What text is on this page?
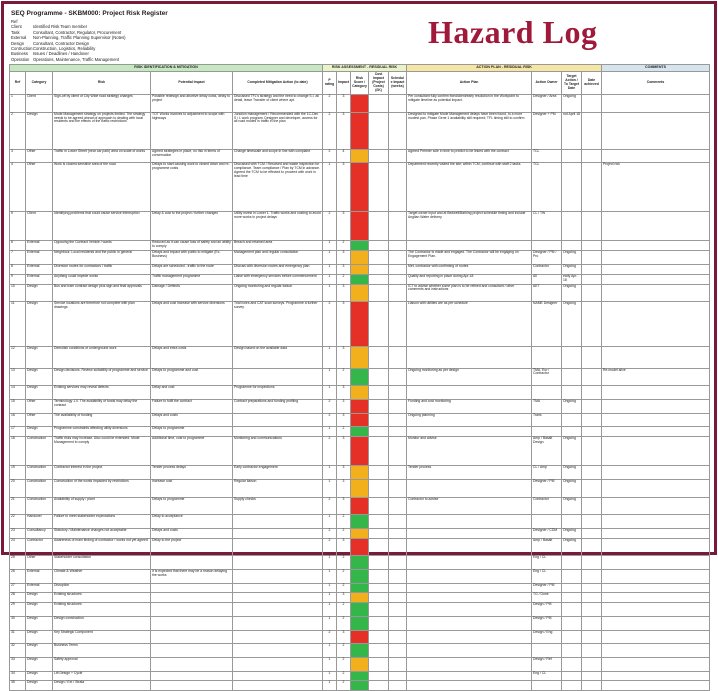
SEQ Programme - SKBM000: Project Risk Register
Ref
Client	Identified Risk Team member
Task	Consultant, Contractor, Regulator, Procurement
External	Non-Planning, Traffic Planning Supervisor (Notes)
Design	Consultant, Contractor Design
Contruction Construction, Logistics, Reliability
Business	Issues / Deadlines / Handover
Operation Operations, Maintenance, Traffic Management
Hazard Log
RISK IDENTIFICATION & MITIGATION					RISK ASSESSMENT - RESIDUAL RISK					ACTION PLAN - RESIDUAL RISK				COMMENTS
Ref	Category	Risk	Potential Impact	Completed Mitigation Action (to date)	P rating	Impact	Risk Score / Category	Cost Impact (Project Costs) (£K)	Schedule Impact (weeks)	Action Plan	Action Owner	Target Action / To Target Date	Date achieved	Comments
1	Client	Sign-off by client of City Wide road strategy changes	Possible redesign and abortive delay costs, delay to project	Discussed TFL's strategy and the need to change S.I. all detail, leave Transfer of client where apt.	2	3				Per consultant fully confirm fixed/client/early resolution in the Workpoint to mitigate timeline as potential impact.	Designer / Area	Ongoing		
2	Design	Mode Management strategy on projects limited. The strategy needs to be agreed ahead of approach to dealing with local residents and the effects of the traffic restrictions	TOT Works involves to adjustment to scope with highways	Junction management / Recommended with the 1C-Dec S / L work program, Designer and developer, access for all road modes in traffic in the plan	2	3				Designed to mitigate Mode Management delays have been found, to a more modest pan. Phase Gene 1 availability still required; TFL timing still to confirm	Designer + PM	not April 18		
3	Other	Traffic in Lower Street (near car park) area on scale of works	Agreed strategies in place, no risk in terms of conversation	Change timescale and scope in line with complaint	2	4				Agreed Premier sole in time to predict to be linked with the contract	TCL			
4	Other	Work is closest sensitive area of the road	Delays to start causing work to closed down and re-programme costs	Discussed with TCM / Resolved and waste inspection for compliance. Team compliance / Plan by TCM in advance. Agreed the TCM to be effected to proceed with work in lead time	1	3				Department recently visited the site; within TCM, continue with staff 2 tasks	TCL			Project risk
5	Client	Identifying problems that could cause service interruption	Delay & cost to the project / further changes	Utility invest in Lower 1. Traffic works and costing to avoid more works in project delays	2	3				Target owner input and at Bedwell/Barking project schedule timing and include Anglian Water delivery	CL / TW			
6	External	Opposing the Contract Vehicle / wards	Reduced as it can cause loss of safety and an ability to comply	Breach and retained area	1	2								
7	External	Neighbour, Local residents and the public in general	Delays and impact with public to mitigate (Ex-Business)	Management plan and regular consultation	1	3				The Contractor is made and engaged. The Contractor will be engaging on Engagement Plan.	Designer / PM / Pro	Ongoing		
8	External	Diversion routes for contractors / traffic	Delays are scheduled - traffic to the route	Discuss with diversion routes and emergency plan	1	3				Met, contractor with confirming of routes	Contractor	Ongoing		
9	External	Anything could impede works	Traffic management programme	Liaise with emergency services before commencement	1	2				Quality and reporting in place during Apr-18	All	early Apr-18		
10	Design	Bus and tram contract design plus sign and final approvals	Damage / Deflects	Ongoing monitoring and regular liaison	1	3				ICT to advise whether some plan is to be refined and consultant / other comments and instructions	AKT	Ongoing		
11	Design	Service locations are therefore not complete with plan drawings	Delays and cost increase with service diversions	Trial holes and CAT scan surveys. Programme a further survey.	2	3				Liaison with utilities are as per schedule	NAME Designer	Ongoing		
12	Design	Demolish conditions of underground work	Delays and extra costs	Design based on the available data	1	3								
13	Design	Design decisions. Review suitability of programme and service	Delays to programme and cost		1	2				Ongoing monitoring as per design	TMA, Eur / Contractor			Re-model alive
14	Design	Existing services may reveal defects	Delay and cost	Programme for inspections	1	3								
15	Other	Terminology 1.0. The availability of funds may delay the contract	Failure to fulfil the contract	Contract preparations and funding profiling	2	3				Funding and cost monitoring	TMA	Ongoing		
16	Other	The availability of funding	Delays and costs		2	3				Ongoing planning	Trans			
17	Design	Programme constraints affecting utility diversions	Delays to programme		1	2								
18	Construction	Traffic risks may increase. Also could be extended. Mode Management to comply	Additional time, cost to programme	Monitoring and communications	2	3				Monitor and advise	Amp / Basalt Design	Ongoing		
19	Construction	Contractor interest in the project	Tender process delays	Early contractor engagement	1	3				Tender process	CL / Amp	Ongoing		
20	Construction	Construction of the works impacted by restrictions	Increase cost	Regular liaison	1	3					Designer / PM	Ongoing		
21	Construction	Availability of supply / plant	Delays to programme	Supply checks	2	3				Contractor to advise	Contractor	Ongoing		
22	Handover	Failure to meet stakeholder expectations	Delay to acceptance		1	2								
23	Consultancy	Statutory / Maintenance changes not acceptable	Delays and costs		2	2					Designer / CDM	Ongoing		
24	Contractor	Awareness of main finding of contractor / works not yet agreed	Delay to the project		2	3					Amp / Basalt	Ongoing		
25	Other	Stakeholder consultation			1	2					Eng / CL			
26	External	Climate & Weather	It is expected that there may be a reason delaying the works		1	2					Eng / CL			
27	External	Disruption			1	2					Designer / PM			
28	Design	Existing structures			1	3					TG / Done			
29	Design	Existing structures			1	2					Design / PM			
30	Design	Design construction			1	2					Design / PM			
31	Design	Key Strategic Component			2	3					Design / Eng			
32	Design	Business Terms			1	2								
33	Design	Safety approval			1	2					Design / Ref			
34	Design	Lift Design + Cycle			1	2					Eng / CL			
35	Design	Design / Ext / Strata			1	2								
